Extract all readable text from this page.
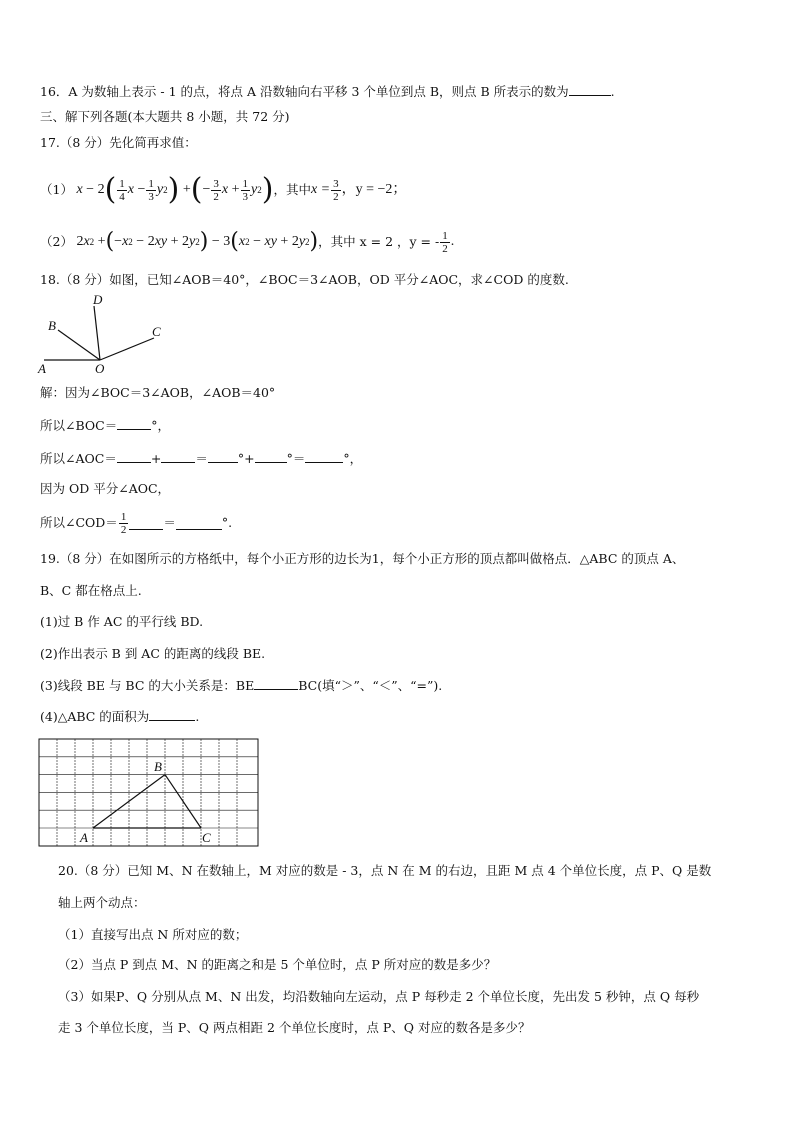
16．A 为数轴上表示 - 1 的点，将点 A 沿数轴向右平移 3 个单位到点 B，则点 B 所表示的数为	.
三、解下列各题(本大题共 8 小题，共 72 分)
17.（8 分）先化简再求值：
（1） x − 2 ( $\frac{1}{4}$ $x - \frac{1}{3}$ y 2 ) + ( − $\frac{3}{2}$ $x + \frac{1}{3}$ y 2 ) ，其中 $x = \frac{3}{2}$ ，y = −2；
（2） 2 x 2 + ( − x 2 − 2 xy + 2 y 2 ) − 3 ( x 2 − xy + 2 y 2 ) ，其中 x = 2 ，y = - $\frac{1}{2}$ .
18.（8 分）如图，已知∠AOB＝40°，∠BOC＝3∠AOB，OD 平分∠AOC，求∠COD 的度数.
D
B	C
A	O
解：因为∠BOC＝3∠AOB，∠AOB＝40°
所以∠BOC＝	°，
所以∠AOC＝	+	＝ °+	°＝	°，
因为 OD 平分∠AOC，
所以∠COD＝ $\frac{1}{2}$	＝	°.
19.（8 分）在如图所示的方格纸中，每个小正方形的边长为1，每个小正方形的顶点都叫做格点．△ABC 的顶点 A、
B、C 都在格点上.
(1)过 B 作 AC 的平行线 BD.
(2)作出表示 B 到 AC 的距离的线段 BE.
(3)线段 BE 与 BC 的大小关系是：BE	BC(填“＞”、“＜”、“=”).
(4)△ABC 的面积为	.
B
A	C
20.（8 分）已知 M、N 在数轴上，M 对应的数是 - 3，点 N 在 M 的右边，且距 M 点 4 个单位长度，点 P、Q 是数
轴上两个动点：
（1）直接写出点 N 所对应的数；
（2）当点 P 到点 M、N 的距离之和是 5 个单位时，点 P 所对应的数是多少？
（3）如果P、Q 分别从点 M、N 出发，均沿数轴向左运动，点 P 每秒走 2 个单位长度，先出发 5 秒钟，点 Q 每秒
走 3 个单位长度，当 P、Q 两点相距 2 个单位长度时，点 P、Q 对应的数各是多少？
